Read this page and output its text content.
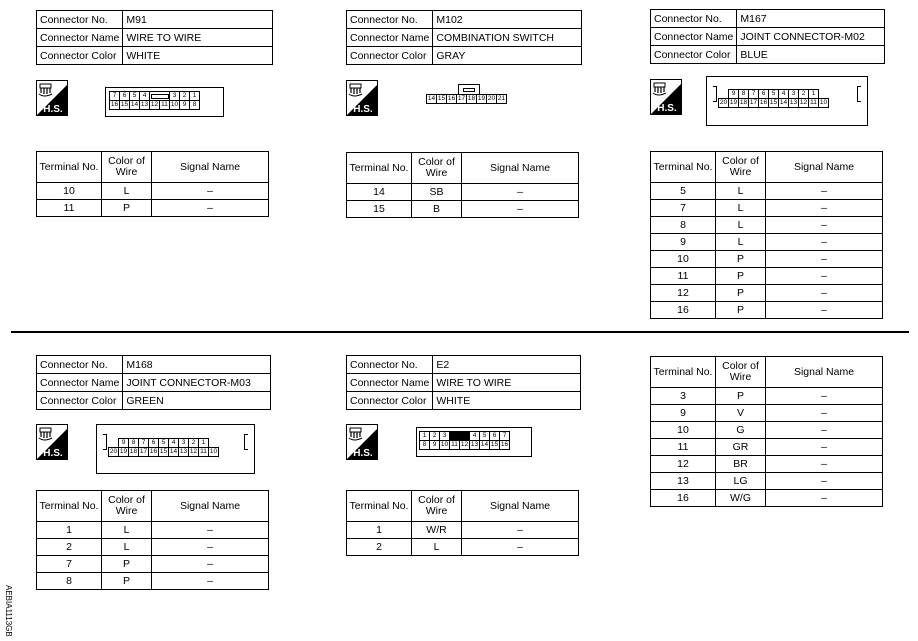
Connector No.	M91
Connector Name	WIRE TO WIRE
Connector Color	WHITE
H.S.
7	6	5	4			3	2	1
16	15	14	13	12	11	10	9	8
Terminal No.	Color of Wire	Signal Name
10	L	–
11	P	–
Connector No.	M102
Connector Name	COMBINATION SWITCH
Connector Color	GRAY
H.S.
14	15	16	17	18	19	20	21
Terminal No.	Color of Wire	Signal Name
14	SB	–
15	B	–
Connector No.	M167
Connector Name	JOINT CONNECTOR-M02
Connector Color	BLUE
H.S.
	9	8	7	6	5	4	3	2	1	
20	19	18	17	16	15	14	13	12	11	10
Terminal No.	Color of Wire	Signal Name
5	L	–
7	L	–
8	L	–
9	L	–
10	P	–
11	P	–
12	P	–
16	P	–
Connector No.	M168
Connector Name	JOINT CONNECTOR-M03
Connector Color	GREEN
H.S.
	9	8	7	6	5	4	3	2	1	
20	19	18	17	16	15	14	13	12	11	10
Terminal No.	Color of Wire	Signal Name
1	L	–
2	L	–
7	P	–
8	P	–
Connector No.	E2
Connector Name	WIRE TO WIRE
Connector Color	WHITE
H.S.
1	2	3			4	5	6	7
8	9	10	11	12	13	14	15	16
Terminal No.	Color of Wire	Signal Name
1	W/R	–
2	L	–
Terminal No.	Color of Wire	Signal Name
3	P	–
9	V	–
10	G	–
11	GR	–
12	BR	–
13	LG	–
16	W/G	–
AEBIA1113GB
